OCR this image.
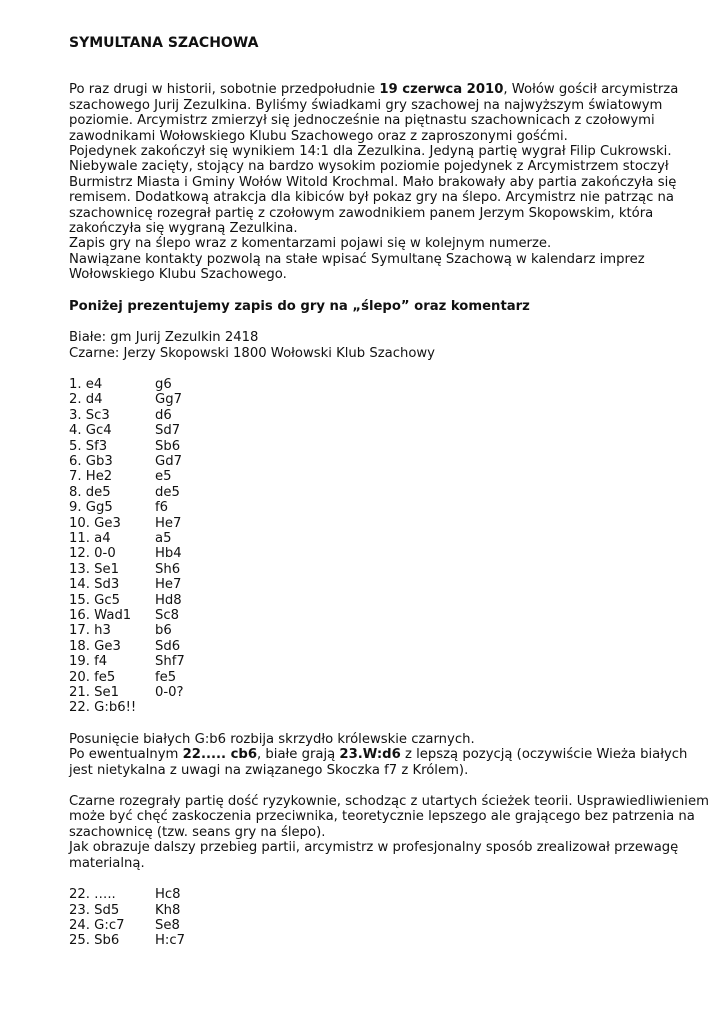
SYMULTANA SZACHOWA

Po raz drugi w historii, sobotnie przedpołudnie 19 czerwca 2010, Wołów gościł arcymistrza szachowego Jurij Zezulkina. Byliśmy świadkami gry szachowej na najwyższym światowym poziomie. Arcymistrz zmierzył się jednocześnie na piętnastu szachownicach z czołowymi zawodnikami Wołowskiego Klubu Szachowego oraz z zaproszonymi gośćmi.

Pojedynek zakończył się wynikiem 14:1 dla Zezulkina. Jedyną partię wygrał Filip Cukrowski. Niebywale zacięty, stojący na bardzo wysokim poziomie pojedynek z Arcymistrzem stoczył Burmistrz Miasta i Gminy Wołów Witold Krochmal. Mało brakowały aby partia zakończyła się remisem. Dodatkową atrakcja dla kibiców był pokaz gry na ślepo. Arcymistrz nie patrząc na szachownicę rozegrał partię z czołowym zawodnikiem panem Jerzym Skopowskim, która zakończyła się wygraną Zezulkina.

Zapis gry na ślepo wraz z komentarzami pojawi się w kolejnym numerze.

Nawiązane kontakty pozwolą na stałe wpisać Symultanę Szachową w kalendarz imprez Wołowskiego Klubu Szachowego.

Poniżej prezentujemy zapis do gry na „ślepo” oraz komentarz

Białe: gm Jurij Zezulkin 2418

Czarne: Jerzy Skopowski 1800 Wołowski Klub Szachowy

1. e4	g6
2. d4	Gg7
3. Sc3	d6
4. Gc4	Sd7
5. Sf3	Sb6
6. Gb3	Gd7
7. He2	e5
8. de5	de5
9. Gg5	f6
10. Ge3	He7
11. a4	a5
12. 0-0	Hb4
13. Se1	Sh6
14. Sd3	He7
15. Gc5	Hd8
16. Wad1	Sc8
17. h3	b6
18. Ge3	Sd6
19. f4	Shf7
20. fe5	fe5
21. Se1	0-0?
22. G:b6!!

Posunięcie białych G:b6 rozbija skrzydło królewskie czarnych.

Po ewentualnym 22..... cb6, białe grają 23.W:d6 z lepszą pozycją (oczywiście Wieża białych jest nietykalna z uwagi na związanego Skoczka f7 z Królem).

Czarne rozegrały partię dość ryzykownie, schodząc z utartych ścieżek teorii. Usprawiedliwieniem może być chęć zaskoczenia przeciwnika, teoretycznie lepszego ale grającego bez patrzenia na szachownicę (tzw. seans gry na ślepo).

Jak obrazuje dalszy przebieg partii, arcymistrz w profesjonalny sposób zrealizował przewagę materialną.

22. …..	Hc8
23. Sd5	Kh8
24. G:c7	Se8
25. Sb6	H:c7
